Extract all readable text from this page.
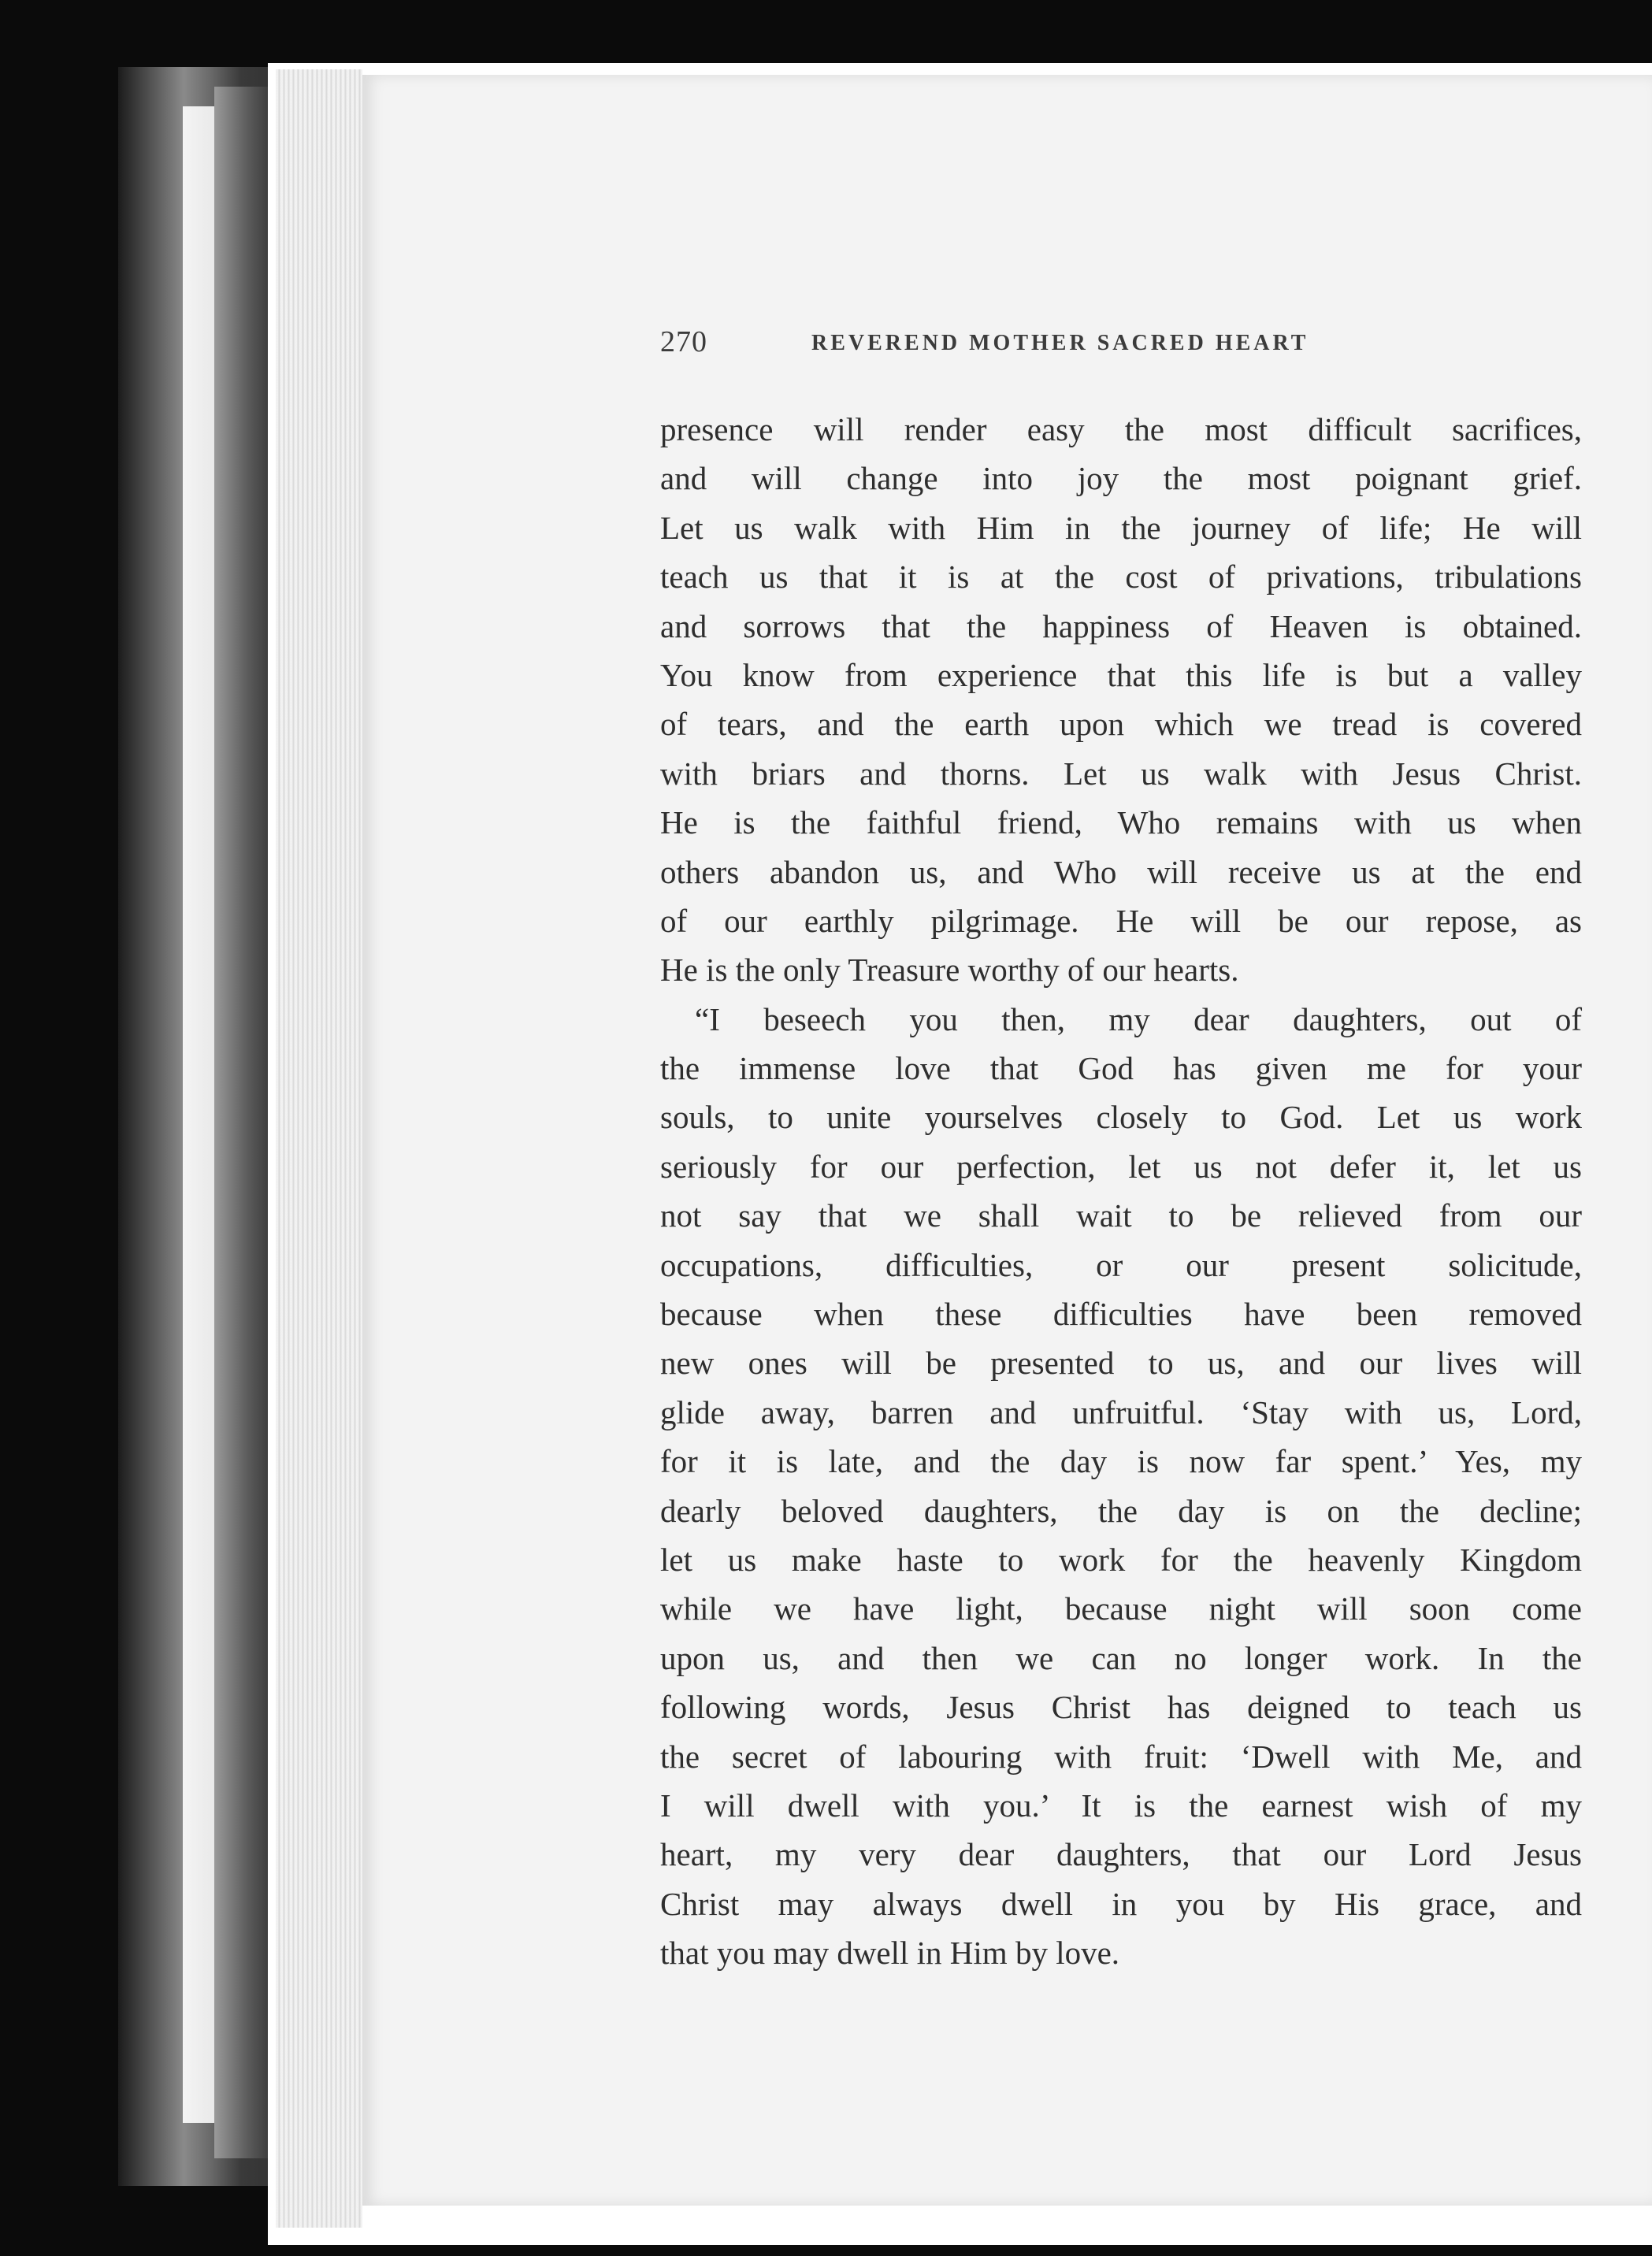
270	REVEREND MOTHER SACRED HEART
presence will render easy the most difficult sacrifices,
and will change into joy the most poignant grief.
Let us walk with Him in the journey of life; He will
teach us that it is at the cost of privations, tribulations
and sorrows that the happiness of Heaven is obtained.
You know from experience that this life is but a valley
of tears, and the earth upon which we tread is covered
with briars and thorns. Let us walk with Jesus Christ.
He is the faithful friend, Who remains with us when
others abandon us, and Who will receive us at the end
of our earthly pilgrimage. He will be our repose, as
He is the only Treasure worthy of our hearts.
“I beseech you then, my dear daughters, out of
the immense love that God has given me for your
souls, to unite yourselves closely to God. Let us work
seriously for our perfection, let us not defer it, let us
not say that we shall wait to be relieved from our
occupations, difficulties, or our present solicitude,
because when these difficulties have been removed
new ones will be presented to us, and our lives will
glide away, barren and unfruitful. ‘Stay with us, Lord,
for it is late, and the day is now far spent.’ Yes, my
dearly beloved daughters, the day is on the decline;
let us make haste to work for the heavenly Kingdom
while we have light, because night will soon come
upon us, and then we can no longer work. In the
following words, Jesus Christ has deigned to teach us
the secret of labouring with fruit: ‘Dwell with Me, and
I will dwell with you.’ It is the earnest wish of my
heart, my very dear daughters, that our Lord Jesus
Christ may always dwell in you by His grace, and
that you may dwell in Him by love.
